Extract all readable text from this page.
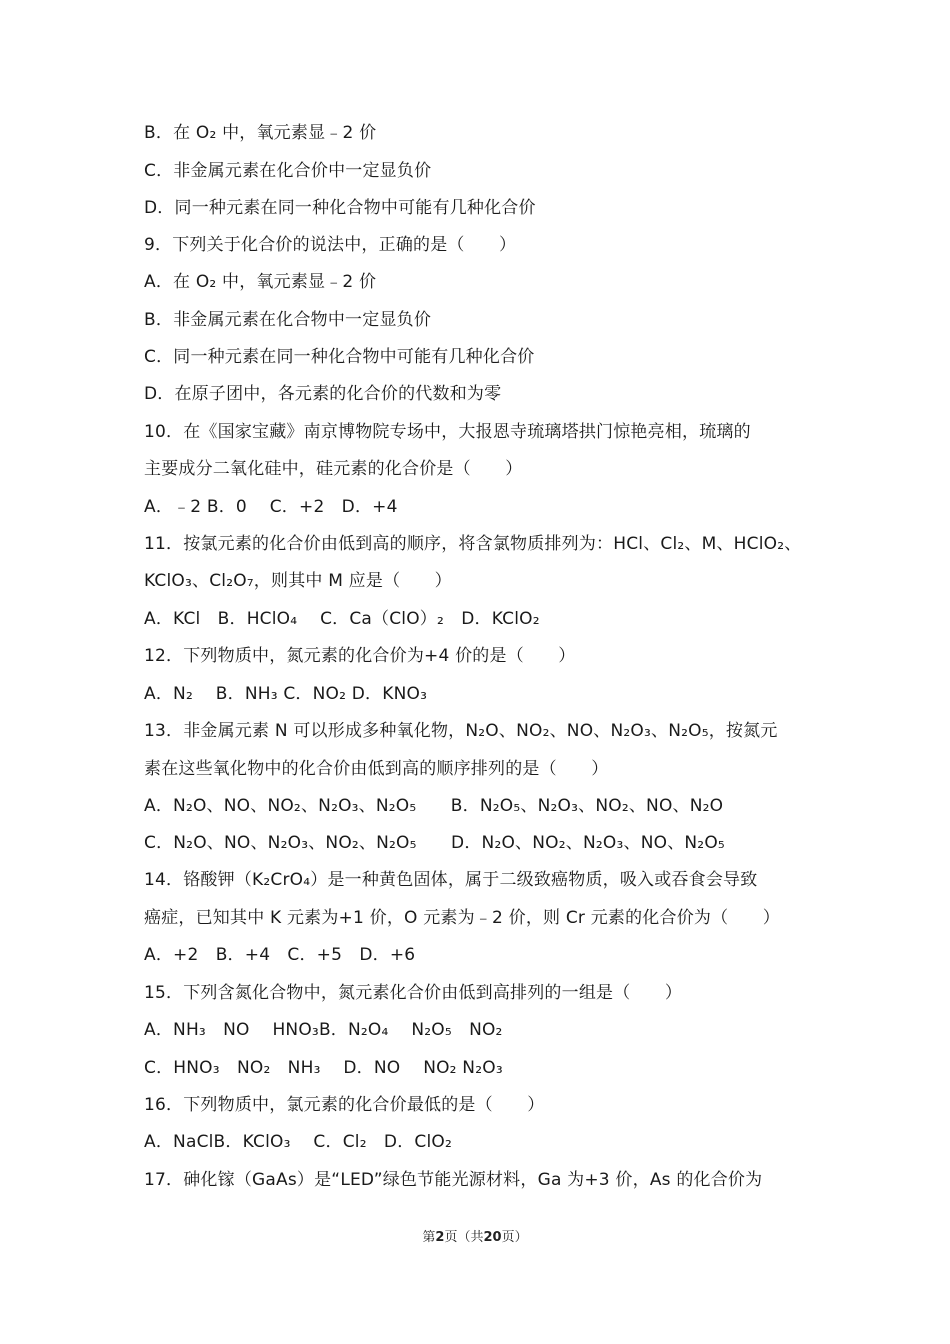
B．在 O₂ 中，氧元素显﹣2 价
C．非金属元素在化合价中一定显负价
D．同一种元素在同一种化合物中可能有几种化合价
9．下列关于化合价的说法中，正确的是（　　）
A．在 O₂ 中，氧元素显﹣2 价
B．非金属元素在化合物中一定显负价
C．同一种元素在同一种化合物中可能有几种化合价
D．在原子团中，各元素的化合价的代数和为零
10．在《国家宝藏》南京博物院专场中，大报恩寺琉璃塔拱门惊艳亮相，琉璃的
主要成分二氧化硅中，硅元素的化合价是（　　）
A．﹣2 B．0　 C．+2　D．+4
11．按氯元素的化合价由低到高的顺序，将含氯物质排列为：HCl、Cl₂、M、HClO₂、
KClO₃、Cl₂O₇，则其中 M 应是（　　）
A．KCl　B．HClO₄　 C．Ca（ClO）₂　D．KClO₂
12．下列物质中，氮元素的化合价为+4 价的是（　　）
A．N₂　 B．NH₃ C．NO₂ D．KNO₃
13．非金属元素 N 可以形成多种氧化物，N₂O、NO₂、NO、N₂O₃、N₂O₅，按氮元
素在这些氧化物中的化合价由低到高的顺序排列的是（　　）
A．N₂O、NO、NO₂、N₂O₃、N₂O₅　　B．N₂O₅、N₂O₃、NO₂、NO、N₂O
C．N₂O、NO、N₂O₃、NO₂、N₂O₅　　D．N₂O、NO₂、N₂O₃、NO、N₂O₅
14．铬酸钾（K₂CrO₄）是一种黄色固体，属于二级致癌物质，吸入或吞食会导致
癌症，已知其中 K 元素为+1 价，O 元素为﹣2 价，则 Cr 元素的化合价为（　　）
A．+2　B．+4　C．+5　D．+6
15．下列含氮化合物中，氮元素化合价由低到高排列的一组是（　　）
A．NH₃　NO　 HNO₃B．N₂O₄　 N₂O₅　NO₂
C．HNO₃　NO₂　NH₃　 D．NO　 NO₂ N₂O₃
16．下列物质中，氯元素的化合价最低的是（　　）
A．NaClB．KClO₃　 C．Cl₂　D．ClO₂
17．砷化镓（GaAs）是“LED”绿色节能光源材料，Ga 为+3 价，As 的化合价为
第2页（共20页）
